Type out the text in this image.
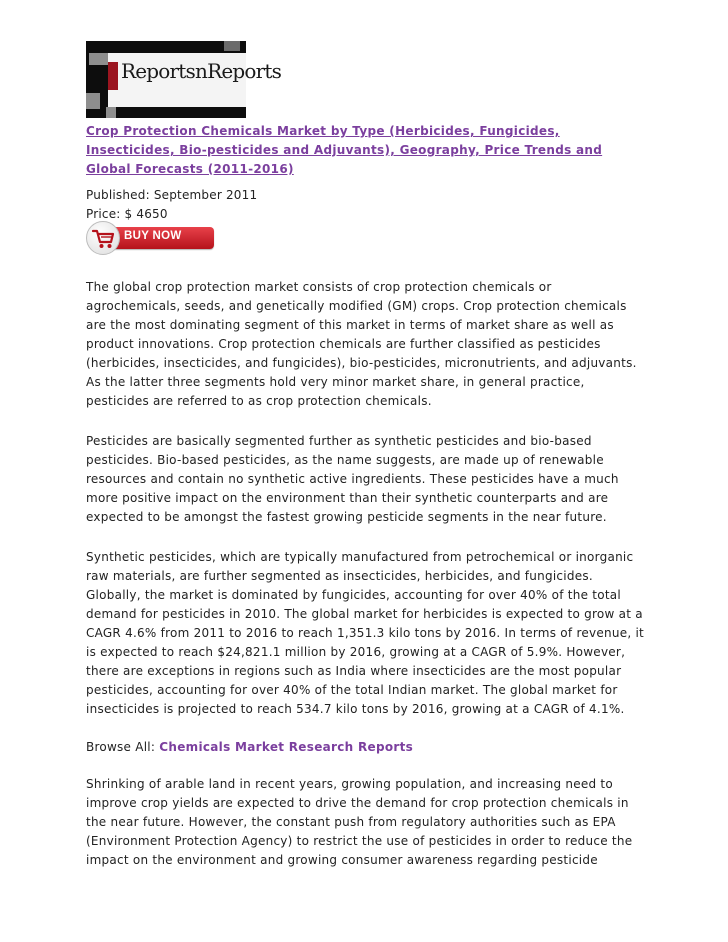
ReportsnReports
Crop Protection Chemicals Market by Type (Herbicides, Fungicides, Insecticides, Bio-pesticides and Adjuvants), Geography, Price Trends and Global Forecasts (2011-2016)
Published: September 2011
Price: $ 4650
BUY NOW

The global crop protection market consists of crop protection chemicals or agrochemicals, seeds, and genetically modified (GM) crops. Crop protection chemicals are the most dominating segment of this market in terms of market share as well as product innovations. Crop protection chemicals are further classified as pesticides (herbicides, insecticides, and fungicides), bio-pesticides, micronutrients, and adjuvants. As the latter three segments hold very minor market share, in general practice, pesticides are referred to as crop protection chemicals.

Pesticides are basically segmented further as synthetic pesticides and bio-based pesticides. Bio-based pesticides, as the name suggests, are made up of renewable resources and contain no synthetic active ingredients. These pesticides have a much more positive impact on the environment than their synthetic counterparts and are expected to be amongst the fastest growing pesticide segments in the near future.

Synthetic pesticides, which are typically manufactured from petrochemical or inorganic raw materials, are further segmented as insecticides, herbicides, and fungicides. Globally, the market is dominated by fungicides, accounting for over 40% of the total demand for pesticides in 2010. The global market for herbicides is expected to grow at a CAGR 4.6% from 2011 to 2016 to reach 1,351.3 kilo tons by 2016. In terms of revenue, it is expected to reach $24,821.1 million by 2016, growing at a CAGR of 5.9%. However, there are exceptions in regions such as India where insecticides are the most popular pesticides, accounting for over 40% of the total Indian market. The global market for insecticides is projected to reach 534.7 kilo tons by 2016, growing at a CAGR of 4.1%.

Browse All: Chemicals Market Research Reports

Shrinking of arable land in recent years, growing population, and increasing need to improve crop yields are expected to drive the demand for crop protection chemicals in the near future. However, the constant push from regulatory authorities such as EPA (Environment Protection Agency) to restrict the use of pesticides in order to reduce the impact on the environment and growing consumer awareness regarding pesticide
